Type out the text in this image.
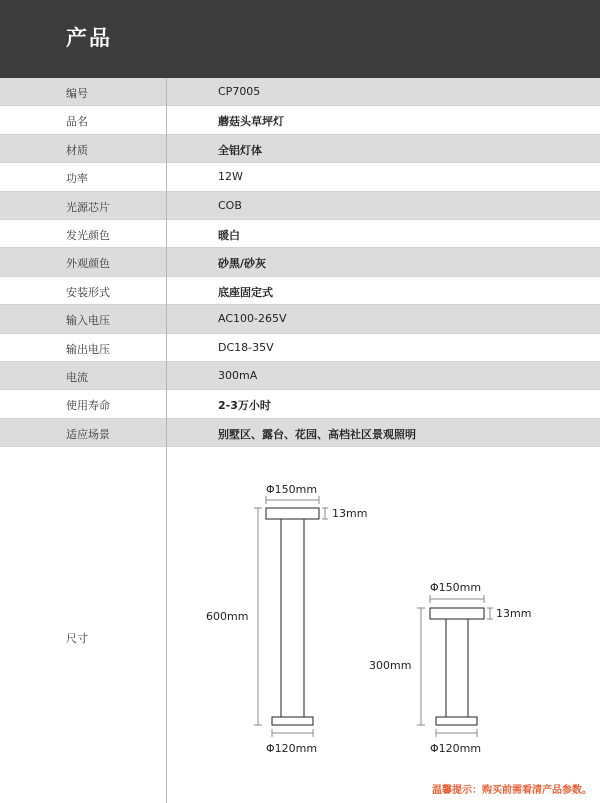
产品
编号	CP7005
品名	蘑菇头草坪灯
材质	全铝灯体
功率	12W
光源芯片	COB
发光颜色	暖白
外观颜色	砂黑/砂灰
安装形式	底座固定式
输入电压	AC100-265V
输出电压	DC18-35V
电流	300mA
使用寿命	2-3万小时
适应场景	别墅区、露台、花园、高档社区景观照明
尺寸
Φ150mm
13mm
600mm
Φ120mm
Φ150mm
13mm
300mm
Φ120mm
温馨提示：购买前需看清产品参数。
